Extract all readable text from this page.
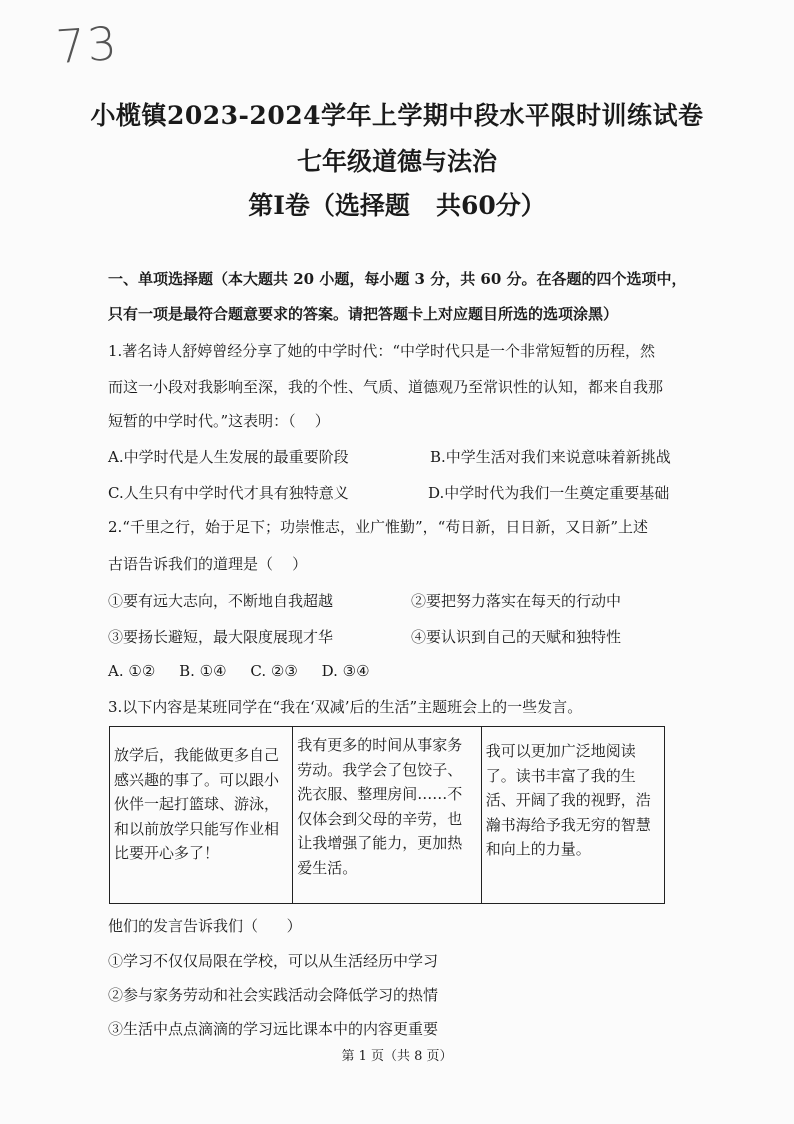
73
小榄镇2023-2024学年上学期中段水平限时训练试卷
七年级道德与法治
第Ⅰ卷（选择题   共60分）
一、单项选择题（本大题共 20 小题，每小题 3 分，共 60 分。在各题的四个选项中，
只有一项是最符合题意要求的答案。请把答题卡上对应题目所选的选项涂黑）
1.著名诗人舒婷曾经分享了她的中学时代：“中学时代只是一个非常短暂的历程，然
而这一小段对我影响至深，我的个性、气质、道德观乃至常识性的认知，都来自我那
短暂的中学时代。”这表明：（    ）
A.中学时代是人生发展的最重要阶段	B.中学生活对我们来说意味着新挑战
C.人生只有中学时代才具有独特意义	D.中学时代为我们一生奠定重要基础
2.“千里之行，始于足下；功崇惟志，业广惟勤”，“苟日新，日日新，又日新”上述
古语告诉我们的道理是（    ）
①要有远大志向，不断地自我超越	②要把努力落实在每天的行动中
③要扬长避短，最大限度展现才华	④要认识到自己的天赋和独特性
A. ①②     B. ①④     C. ②③     D. ③④
3.以下内容是某班同学在“我在‘双减’后的生活”主题班会上的一些发言。
放学后，我能做更多自己感兴趣的事了。可以跟小伙伴一起打篮球、游泳，和以前放学只能写作业相比要开心多了！	我有更多的时间从事家务劳动。我学会了包饺子、洗衣服、整理房间……不仅体会到父母的辛劳，也让我增强了能力，更加热爱生活。	我可以更加广泛地阅读了。读书丰富了我的生活、开阔了我的视野，浩瀚书海给予我无穷的智慧和向上的力量。
他们的发言告诉我们（      ）
①学习不仅仅局限在学校，可以从生活经历中学习
②参与家务劳动和社会实践活动会降低学习的热情
③生活中点点滴滴的学习远比课本中的内容更重要
第 1 页（共 8 页）
